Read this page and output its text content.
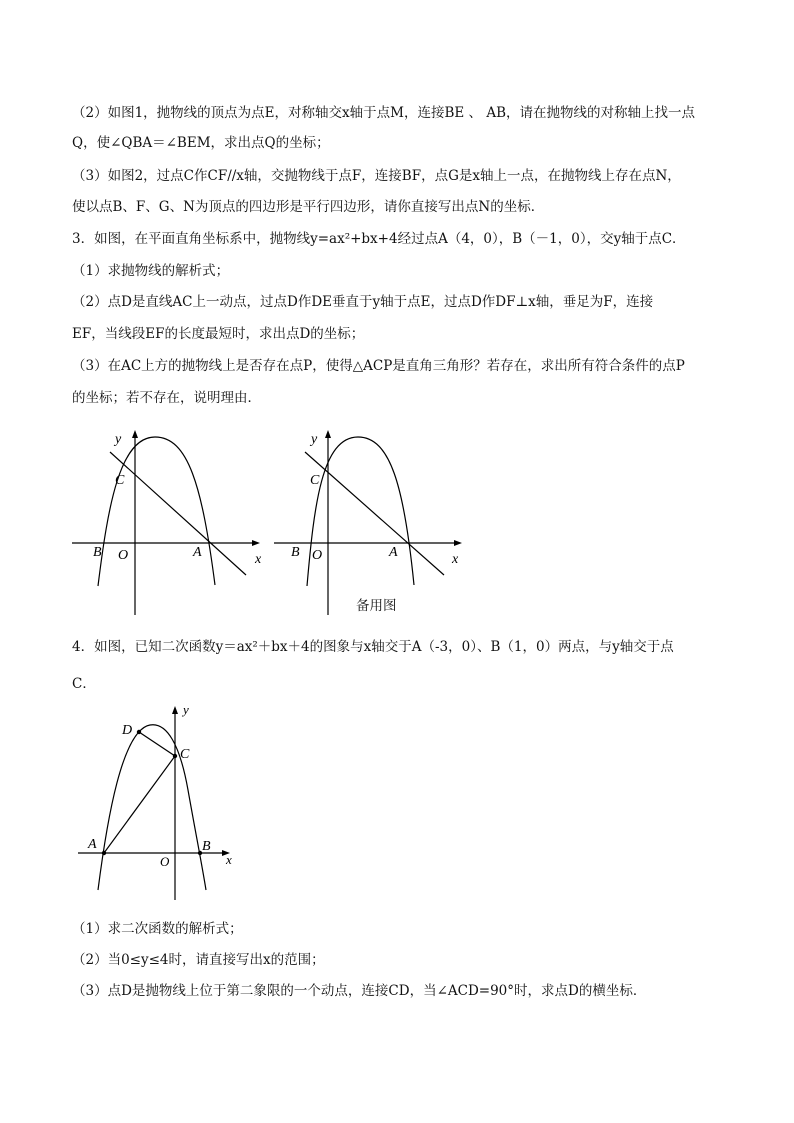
（2）如图1，抛物线的顶点为点E，对称轴交x轴于点M，连接BE 、 AB，请在抛物线的对称轴上找一点
Q，使∠QBA＝∠BEM，求出点Q的坐标；
（3）如图2，过点C作CF//x轴，交抛物线于点F，连接BF，点G是x轴上一点，在抛物线上存在点N，
使以点B、F、G、N为顶点的四边形是平行四边形，请你直接写出点N的坐标．
3．如图，在平面直角坐标系中，抛物线y=ax²+bx+4经过点A（4，0），B（－1，0），交y轴于点C．
（1）求抛物线的解析式；
（2）点D是直线AC上一动点，过点D作DE垂直于y轴于点E，过点D作DF⊥x轴，垂足为F，连接
EF，当线段EF的长度最短时，求出点D的坐标；
（3）在AC上方的抛物线上是否存在点P，使得△ACP是直角三角形？若存在，求出所有符合条件的点P
的坐标；若不存在，说明理由．
y
x
C
B O	A
y
x
C
B O	A
备用图
4．如图，已知二次函数y＝ax²＋bx＋4的图象与x轴交于A（-3，0）、B（1，0）两点，与y轴交于点
C．
D
y
C
A
O
B
x
（1）求二次函数的解析式；
（2）当0≤y≤4时，请直接写出x的范围；
（3）点D是抛物线上位于第二象限的一个动点，连接CD，当∠ACD=90°时，求点D的横坐标．
